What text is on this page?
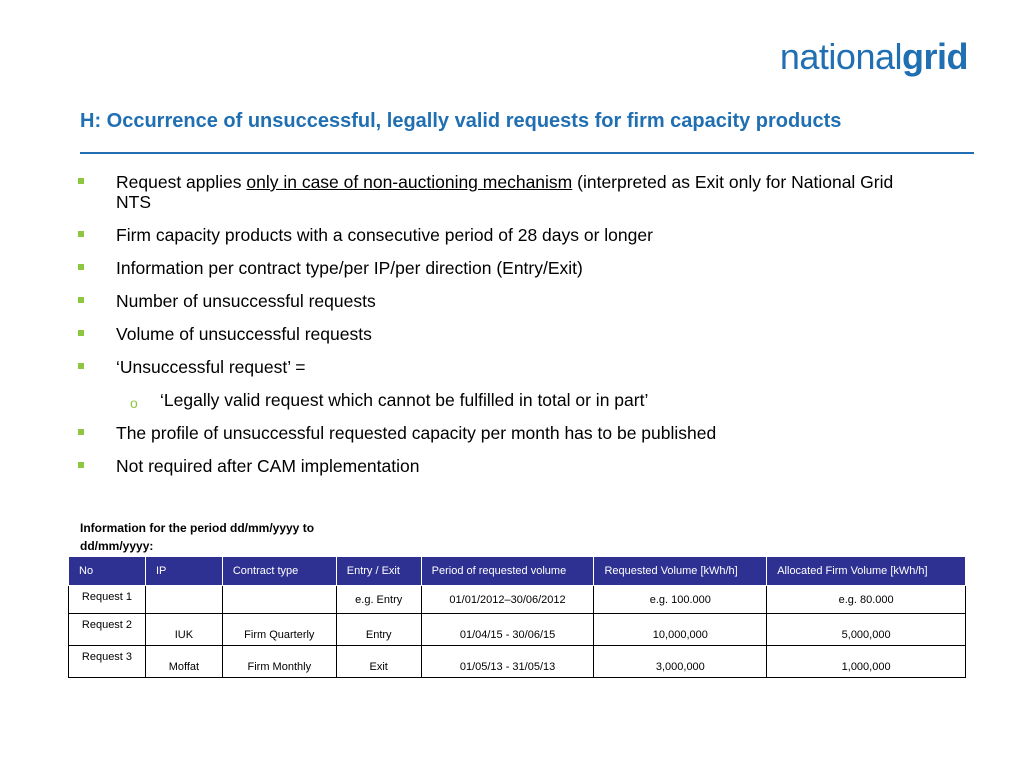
nationalgrid
H: Occurrence of unsuccessful, legally valid requests for firm capacity products
Request applies only in case of non-auctioning mechanism (interpreted as Exit only for National Grid NTS
Firm capacity products with a consecutive period of 28 days or longer
Information per contract type/per IP/per direction (Entry/Exit)
Number of unsuccessful requests
Volume of unsuccessful requests
‘Unsuccessful request’ =
o ‘Legally valid request which cannot be fulfilled in total or in part’
The profile of unsuccessful requested capacity per month has to be published
Not required after CAM implementation
Information for the period dd/mm/yyyy to dd/mm/yyyy:
No	IP	Contract type	Entry / Exit	Period of requested volume	Requested Volume [kWh/h]	Allocated Firm Volume [kWh/h]
Request 1			e.g. Entry	01/01/2012–30/06/2012	e.g. 100.000	e.g. 80.000
Request 2	IUK	Firm Quarterly	Entry	01/04/15 - 30/06/15	10,000,000	5,000,000
Request 3	Moffat	Firm Monthly	Exit	01/05/13 - 31/05/13	3,000,000	1,000,000
